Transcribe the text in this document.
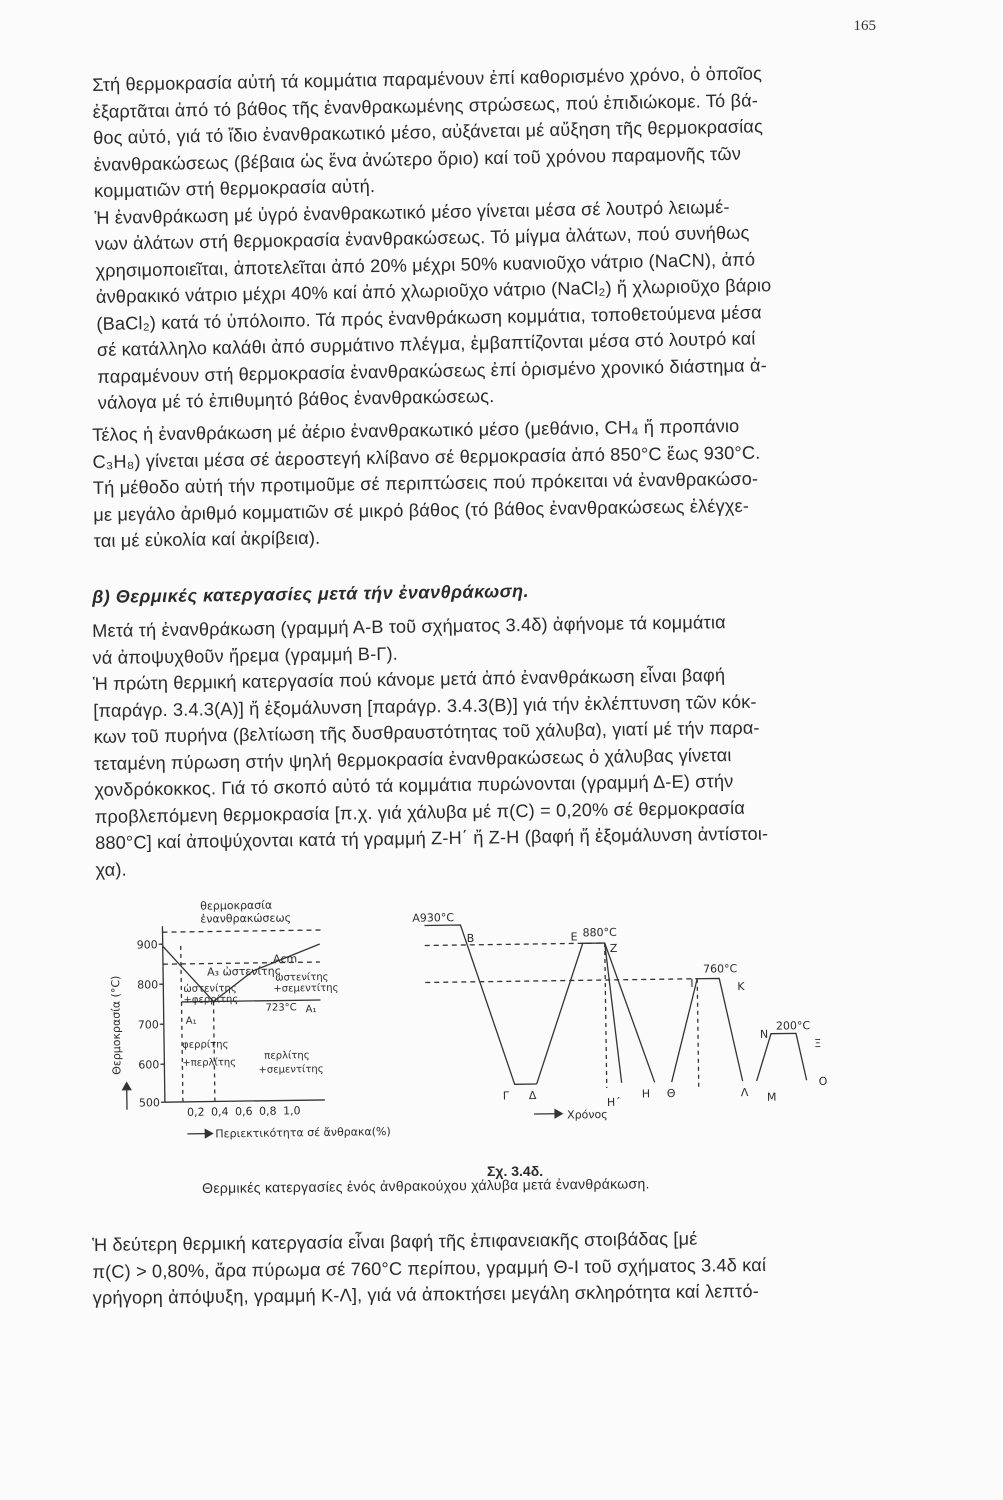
165
Στή θερμοκρασία αὐτή τά κομμάτια παραμένουν ἐπί καθορισμένο χρόνο, ὁ ὁποῖος
ἐξαρτᾶται ἀπό τό βάθος τῆς ἐνανθρακωμένης στρώσεως, πού ἐπιδιώκομε. Τό βά-
θος αὐτό, γιά τό ἴδιο ἐνανθρακωτικό μέσο, αὐξάνεται μέ αὔξηση τῆς θερμοκρασίας
ἐνανθρακώσεως (βέβαια ὡς ἕνα ἀνώτερο ὅριο) καί τοῦ χρόνου παραμονῆς τῶν
κομματιῶν στή θερμοκρασία αὐτή.
Ἡ ἐνανθράκωση μέ ὑγρό ἐνανθρακωτικό μέσο γίνεται μέσα σέ λουτρό λειωμέ-
νων ἀλάτων στή θερμοκρασία ἐνανθρακώσεως. Τό μίγμα ἀλάτων, πού συνήθως
χρησιμοποιεῖται, ἀποτελεῖται ἀπό 20% μέχρι 50% κυανιοῦχο νάτριο (NaCN), ἀπό
ἀνθρακικό νάτριο μέχρι 40% καί ἀπό χλωριοῦχο νάτριο (NaCl₂) ἤ χλωριοῦχο βάριο
(BaCl₂) κατά τό ὑπόλοιπο. Τά πρός ἐνανθράκωση κομμάτια, τοποθετούμενα μέσα
σέ κατάλληλο καλάθι ἀπό συρμάτινο πλέγμα, ἐμβαπτίζονται μέσα στό λουτρό καί
παραμένουν στή θερμοκρασία ἐνανθρακώσεως ἐπί ὁρισμένο χρονικό διάστημα ἀ-
νάλογα μέ τό ἐπιθυμητό βάθος ἐνανθρακώσεως.
Τέλος ἡ ἐνανθράκωση μέ ἀέριο ἐνανθρακωτικό μέσο (μεθάνιο, CH₄ ἤ προπάνιο
C₃H₈) γίνεται μέσα σέ ἀεροστεγή κλίβανο σέ θερμοκρασία ἀπό 850°C ἕως 930°C.
Τή μέθοδο αὐτή τήν προτιμοῦμε σέ περιπτώσεις πού πρόκειται νά ἐνανθρακώσο-
με μεγάλο ἀριθμό κομματιῶν σέ μικρό βάθος (τό βάθος ἐνανθρακώσεως ἐλέγχε-
ται μέ εὐκολία καί ἀκρίβεια).
β) Θερμικές κατεργασίες μετά τήν ἐνανθράκωση.
Μετά τή ἐνανθράκωση (γραμμή Α-Β τοῦ σχήματος 3.4δ) ἀφήνομε τά κομμάτια
νά ἀποψυχθοῦν ἤρεμα (γραμμή Β-Γ).
Ἡ πρώτη θερμική κατεργασία πού κάνομε μετά ἀπό ἐνανθράκωση εἶναι βαφή
[παράγρ. 3.4.3(Α)] ἤ ἐξομάλυνση [παράγρ. 3.4.3(Β)] γιά τήν ἐκλέπτυνση τῶν κόκ-
κων τοῦ πυρήνα (βελτίωση τῆς δυσθραυστότητας τοῦ χάλυβα), γιατί μέ τήν παρα-
τεταμένη πύρωση στήν ψηλή θερμοκρασία ἐνανθρακώσεως ὁ χάλυβας γίνεται
χονδρόκοκκος. Γιά τό σκοπό αὐτό τά κομμάτια πυρώνονται (γραμμή Δ-Ε) στήν
προβλεπόμενη θερμοκρασία [π.χ. γιά χάλυβα μέ π(C) = 0,20% σέ θερμοκρασία
880°C] καί ἀποψύχονται κατά τή γραμμή Ζ-Η΄ ἤ Ζ-Η (βαφή ἤ ἐξομάλυνση ἀντίστοι-
χα).
900
800
700
600
500
Θερμοκρασία (°C)
0,2 0,4 0,6 0,8 1,0
Περιεκτικότητα σέ ἄνθρακα(%)
θερμοκρασία
ἐνανθρακώσεως
Α₃ ὠστενίτης
Αcm
ὠστενίτης
+φερρίτης
ὠστενίτης
+σεμεντίτης
723°C Α₁
Α₁
φερρίτης
+περλίτης
περλίτης
+σεμεντίτης
Α930°C
Β
Γ Δ
Ε 880°C
Ζ
Η
Η΄
Θ
760°C
Ι	Κ
Λ Μ
Ν
200°C
Ξ
Ο
Χρόνος
Σχ. 3.4δ.
Θερμικές κατεργασίες ἑνός ἀνθρακούχου χάλυβα μετά ἐνανθράκωση.
Ἡ δεύτερη θερμική κατεργασία εἶναι βαφή τῆς ἐπιφανειακῆς στοιβάδας [μέ
π(C) > 0,80%, ἄρα πύρωμα σέ 760°C περίπου, γραμμή Θ-Ι τοῦ σχήματος 3.4δ καί
γρήγορη ἀπόψυξη, γραμμή Κ-Λ], γιά νά ἀποκτήσει μεγάλη σκληρότητα καί λεπτό-
